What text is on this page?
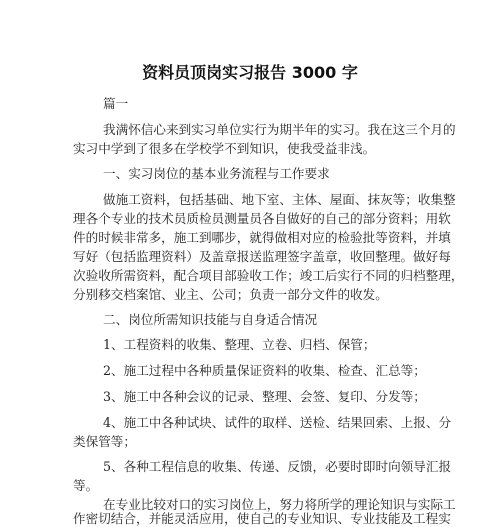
资料员顶岗实习报告 3000 字
篇一
我满怀信心来到实习单位实行为期半年的实习。我在这三个月的
实习中学到了很多在学校学不到知识，使我受益非浅。
一、实习岗位的基本业务流程与工作要求
做施工资料，包括基础、地下室、主体、屋面、抹灰等；收集整
理各个专业的技术员质检员测量员各自做好的自己的部分资料；用软
件的时候非常多，施工到哪步，就得做相对应的检验批等资料，并填
写好（包括监理资料）及盖章报送监理签字盖章，收回整理。做好每
次验收所需资料，配合项目部验收工作；竣工后实行不同的归档整理，
分别移交档案馆、业主、公司；负责一部分文件的收发。
二、岗位所需知识技能与自身适合情况
1、工程资料的收集、整理、立卷、归档、保管；
2、施工过程中各种质量保证资料的收集、检查、汇总等；
3、施工中各种会议的记录、整理、会签、复印、分发等；
4、施工中各种试块、试件的取样、送检、结果回索、上报、分
类保管等；
5、各种工程信息的收集、传递、反馈，必要时即时向领导汇报
等。
在专业比较对口的实习岗位上，努力将所学的理论知识与实际工
作密切结合，并能灵活应用，使自己的专业知识、专业技能及工程实
